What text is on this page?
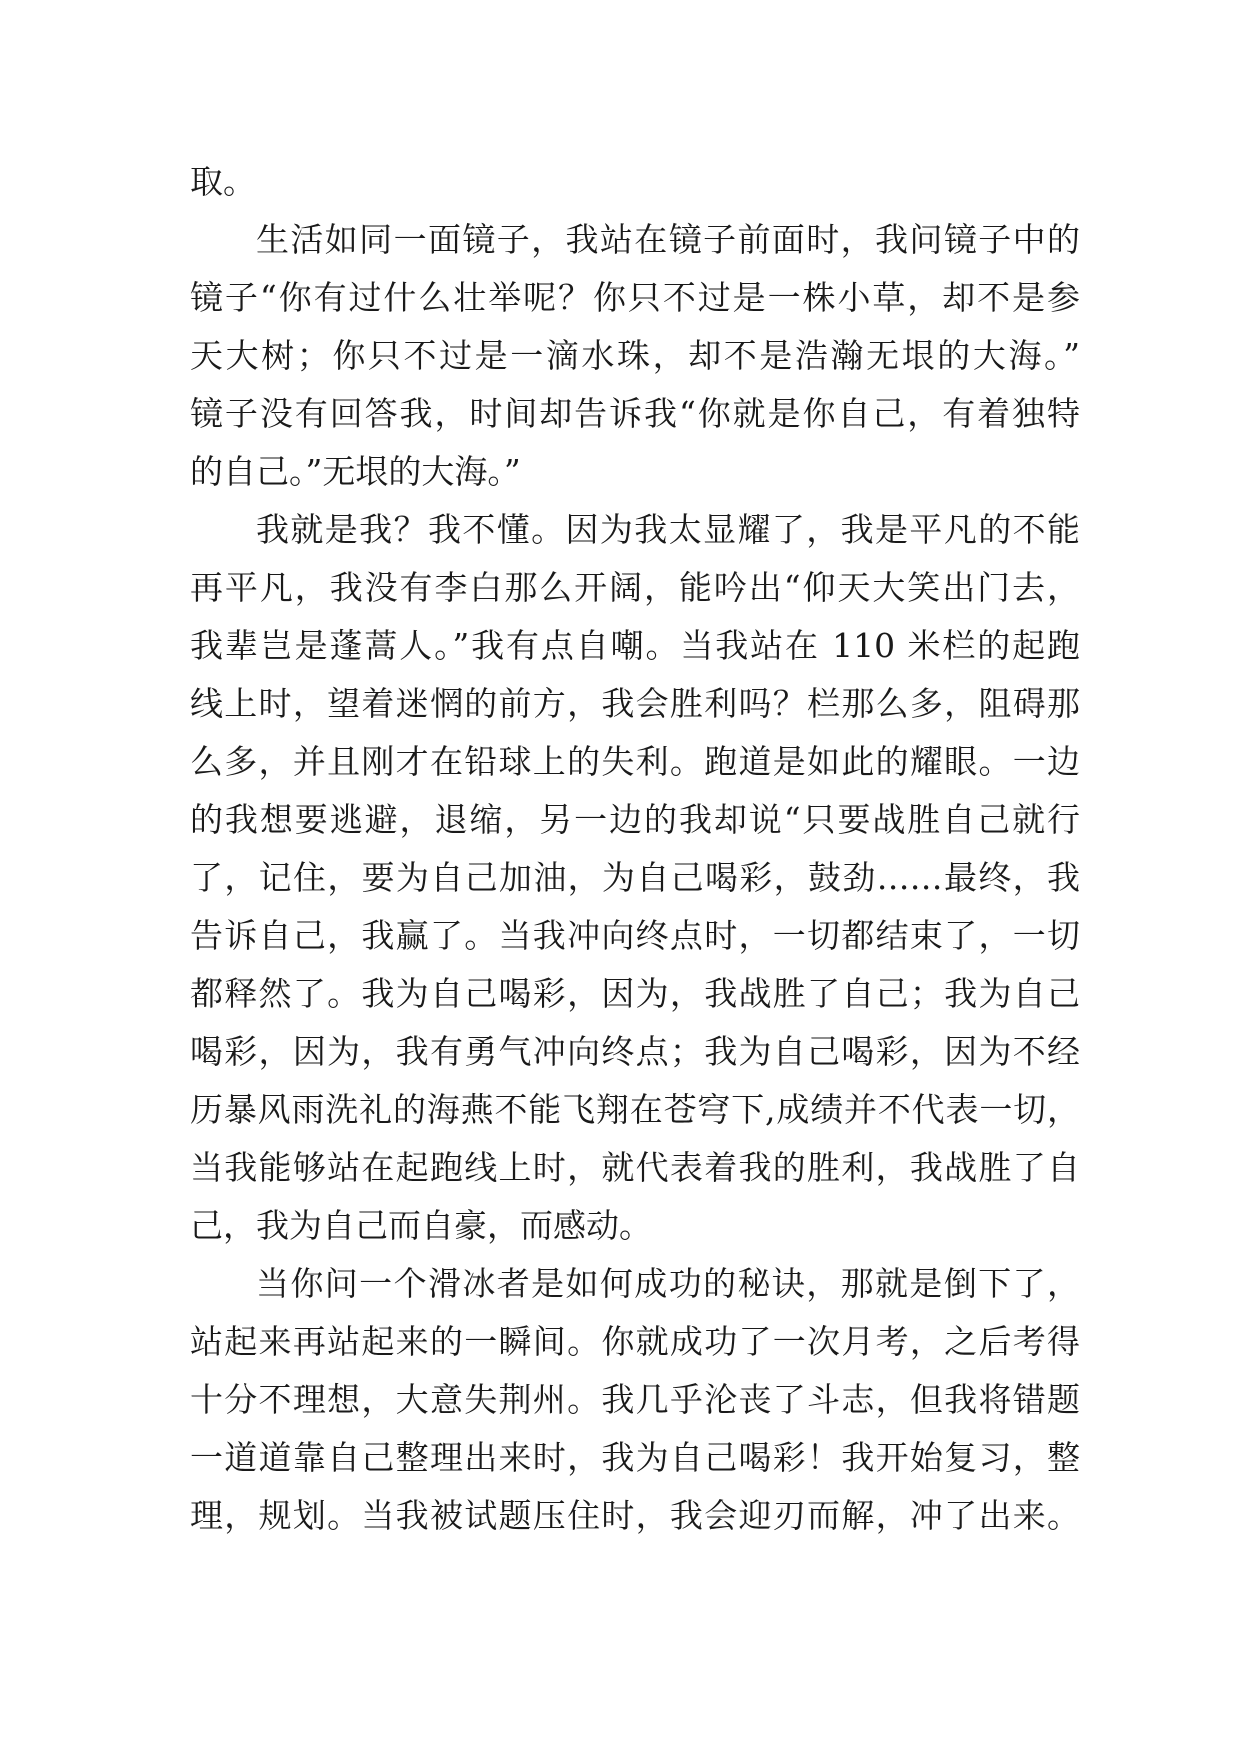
取。
生活如同一面镜子，我站在镜子前面时，我问镜子中的
镜子“你有过什么壮举呢？你只不过是一株小草，却不是参
天大树；你只不过是一滴水珠，却不是浩瀚无垠的大海。”
镜子没有回答我，时间却告诉我“你就是你自己，有着独特
的自己。”无垠的大海。”
我就是我？我不懂。因为我太显耀了，我是平凡的不能
再平凡，我没有李白那么开阔，能吟出“仰天大笑出门去，
我辈岂是蓬蒿人。”我有点自嘲。当我站在 110 米栏的起跑
线上时，望着迷惘的前方，我会胜利吗？栏那么多，阻碍那
么多，并且刚才在铅球上的失利。跑道是如此的耀眼。一边
的我想要逃避，退缩，另一边的我却说“只要战胜自己就行
了，记住，要为自己加油，为自己喝彩，鼓劲……最终，我
告诉自己，我赢了。当我冲向终点时，一切都结束了，一切
都释然了。我为自己喝彩，因为，我战胜了自己；我为自己
喝彩，因为，我有勇气冲向终点；我为自己喝彩，因为不经
历暴风雨洗礼的海燕不能飞翔在苍穹下,成绩并不代表一切，
当我能够站在起跑线上时，就代表着我的胜利，我战胜了自
己，我为自己而自豪，而感动。
当你问一个滑冰者是如何成功的秘诀，那就是倒下了，
站起来再站起来的一瞬间。你就成功了一次月考，之后考得
十分不理想，大意失荆州。我几乎沦丧了斗志，但我将错题
一道道靠自己整理出来时，我为自己喝彩！我开始复习，整
理，规划。当我被试题压住时，我会迎刃而解，冲了出来。
